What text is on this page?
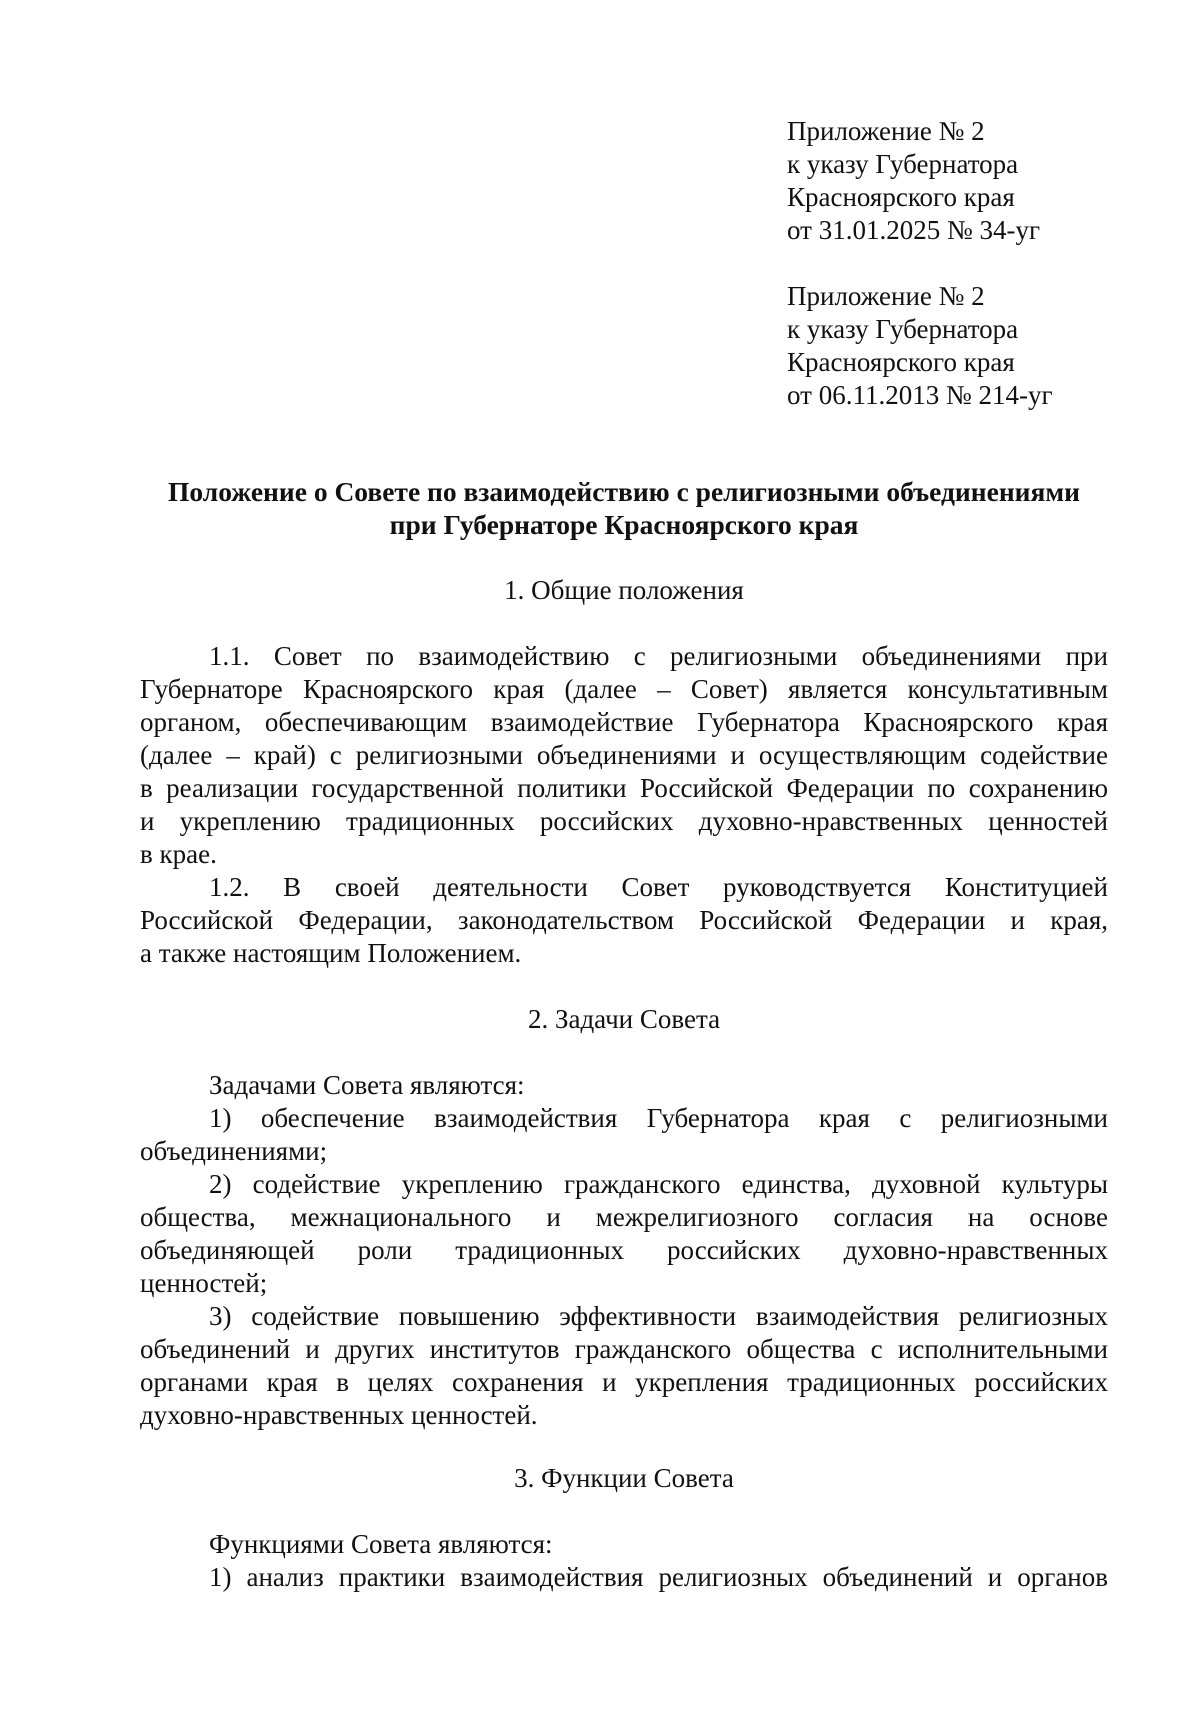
Приложение № 2
к указу Губернатора
Красноярского края
от 31.01.2025 № 34-уг
Приложение № 2
к указу Губернатора
Красноярского края
от 06.11.2013 № 214-уг
Положение о Совете по взаимодействию с религиозными объединениями
при Губернаторе Красноярского края
1. Общие положения
1.1. Совет по взаимодействию с религиозными объединениями при
Губернаторе Красноярского края (далее – Совет) является консультативным
органом, обеспечивающим взаимодействие Губернатора Красноярского края
(далее – край) с религиозными объединениями и осуществляющим содействие
в реализации государственной политики Российской Федерации по сохранению
и укреплению традиционных российских духовно-нравственных ценностей
в крае.
1.2. В своей деятельности Совет руководствуется Конституцией
Российской Федерации, законодательством Российской Федерации и края,
а также настоящим Положением.
2. Задачи Совета
Задачами Совета являются:
1) обеспечение взаимодействия Губернатора края с религиозными
объединениями;
2) содействие укреплению гражданского единства, духовной культуры
общества, межнационального и межрелигиозного согласия на основе
объединяющей роли традиционных российских духовно-нравственных
ценностей;
3) содействие повышению эффективности взаимодействия религиозных
объединений и других институтов гражданского общества с исполнительными
органами края в целях сохранения и укрепления традиционных российских
духовно-нравственных ценностей.
3. Функции Совета
Функциями Совета являются:
1) анализ практики взаимодействия религиозных объединений и органов
